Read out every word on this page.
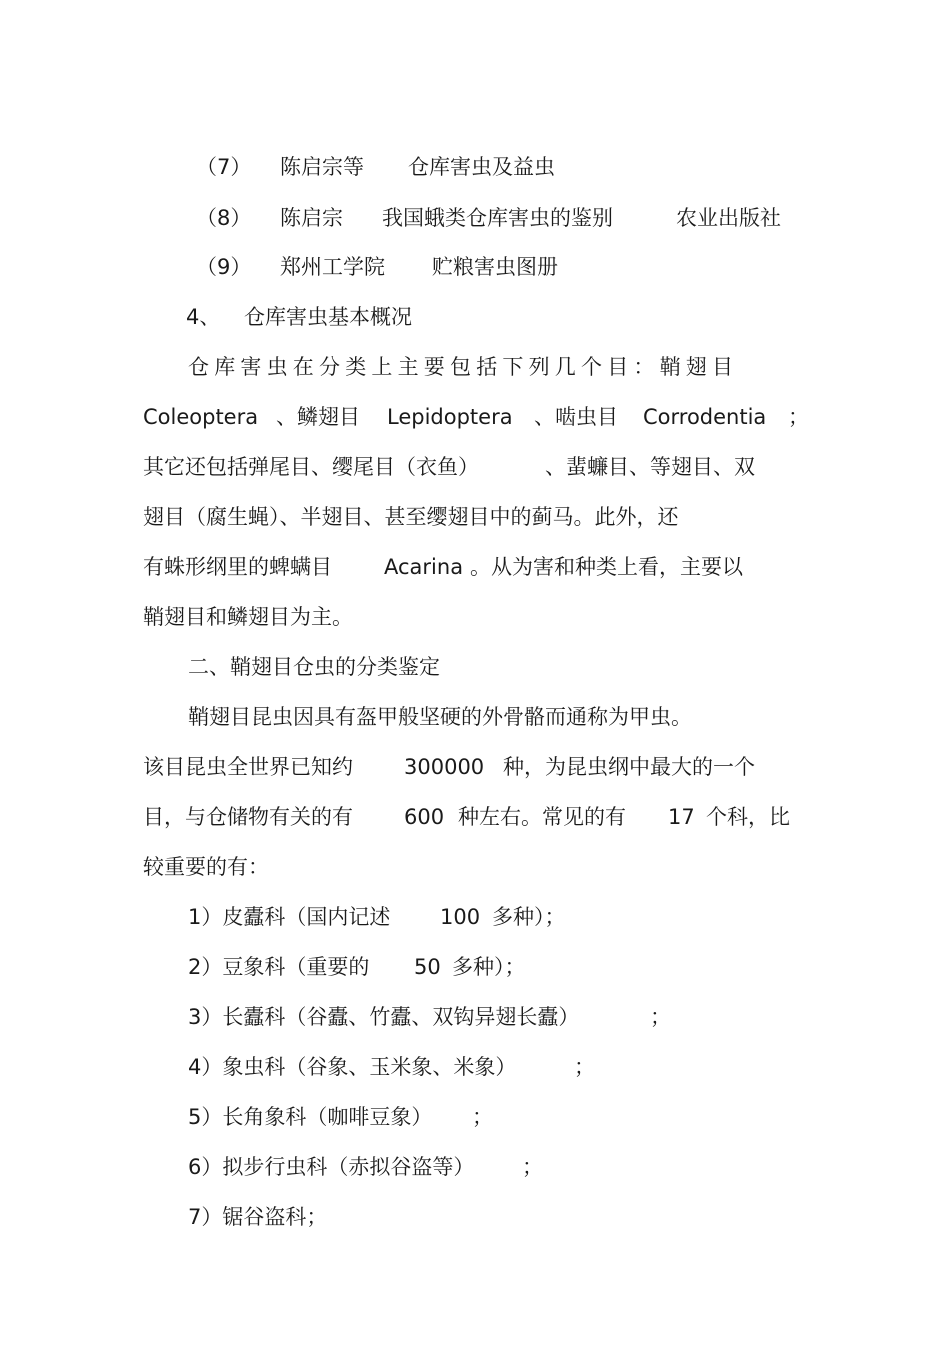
（7） 陈启宗等 仓库害虫及益虫
（8） 陈启宗 我国蛾类仓库害虫的鉴别	农业出版社
（9） 郑州工学院 贮粮害虫图册
4、 仓库害虫基本概况
仓库害虫在分类上主要包括下列几个目：鞘翅目
Coleoptera 、鳞翅目 Lepidoptera 、啮虫目 Corrodentia ；
其它还包括弹尾目、缨尾目（衣鱼）	、蜚蠊目、等翅目、双
翅目（腐生蝇）、半翅目、甚至缨翅目中的蓟马。此外，还
有蛛形纲里的蜱螨目 Acarina 。从为害和种类上看，主要以
鞘翅目和鳞翅目为主。
二、鞘翅目仓虫的分类鉴定
鞘翅目昆虫因具有盔甲般坚硬的外骨骼而通称为甲虫。
该目昆虫全世界已知约 300000 种，为昆虫纲中最大的一个
目，与仓储物有关的有 600 种左右。常见的有 17 个科，比
较重要的有：
1）皮蠹科（国内记述 100 多种）；
2）豆象科（重要的 50 多种）；
3）长蠹科（谷蠹、竹蠹、双钩异翅长蠹）	；
4）象虫科（谷象、玉米象、米象）	；
5）长角象科（咖啡豆象） ；
6）拟步行虫科（赤拟谷盗等） ；
7）锯谷盗科；
